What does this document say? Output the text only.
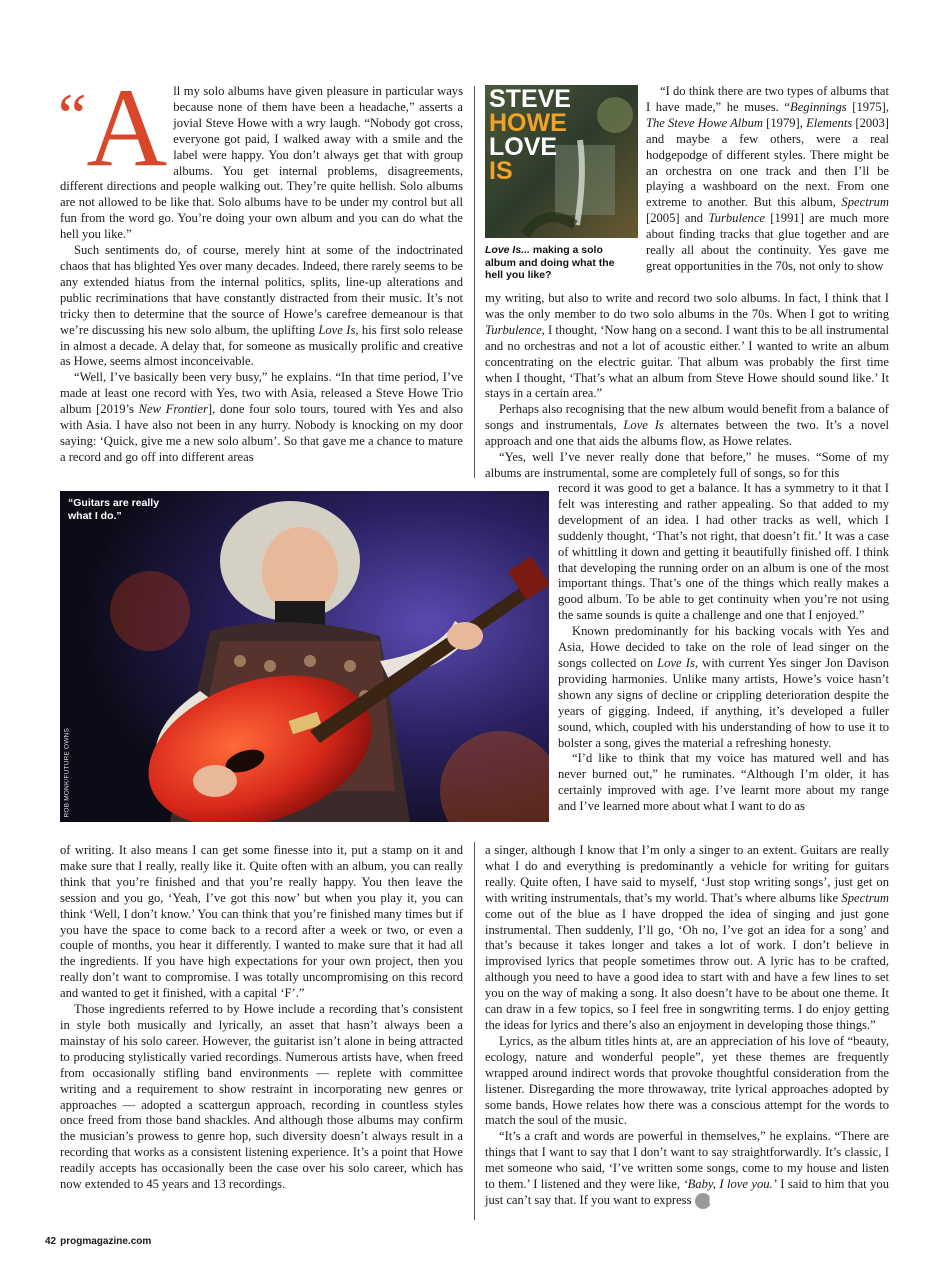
“A ll my solo albums have given pleasure in particular ways because none of them have been a headache,” asserts a jovial Steve Howe with a wry laugh. “Nobody got cross, everyone got paid, I walked away with a smile and the label were happy. You don’t always get that with group albums. You get internal problems, disagreements, different directions and people walking out. They’re quite hellish. Solo albums are not allowed to be like that. Solo albums have to be under my control but all fun from the word go. You’re doing your own album and you can do what the hell you like.”

Such sentiments do, of course, merely hint at some of the indoctrinated chaos that has blighted Yes over many decades. Indeed, there rarely seems to be any extended hiatus from the internal politics, splits, line-up alterations and public recriminations that have constantly distracted from their music. It’s not tricky then to determine that the source of Howe’s carefree demeanour is that we’re discussing his new solo album, the uplifting Love Is, his first solo release in almost a decade. A delay that, for someone as musically prolific and creative as Howe, seems almost inconceivable.

“Well, I’ve basically been very busy,” he explains. “In that time period, I’ve made at least one record with Yes, two with Asia, released a Steve Howe Trio album [2019’s New Frontier], done four solo tours, toured with Yes and also with Asia. I have also not been in any hurry. Nobody is knocking on my door saying: ‘Quick, give me a new solo album’. So that gave me a chance to mature a record and go off into different areas

STEVE
HOWE
LOVE
IS
Love Is... making a solo album and doing what the hell you like?

“I do think there are two types of albums that I have made,” he muses. “Beginnings [1975], The Steve Howe Album [1979], Elements [2003] and maybe a few others, were a real hodgepodge of different styles. There might be an orchestra on one track and then I’ll be playing a washboard on the next. From one extreme to another. But this album, Spectrum [2005] and Turbulence [1991] are much more about finding tracks that glue together and are really all about the continuity. Yes gave me great opportunities in the 70s, not only to show

my writing, but also to write and record two solo albums. In fact, I think that I was the only member to do two solo albums in the 70s. When I got to writing Turbulence, I thought, ‘Now hang on a second. I want this to be all instrumental and no orchestras and not a lot of acoustic either.’ I wanted to write an album concentrating on the electric guitar. That album was probably the first time when I thought, ‘That’s what an album from Steve Howe should sound like.’ It stays in a certain area.”

Perhaps also recognising that the new album would benefit from a balance of songs and instrumentals, Love Is alternates between the two. It’s a novel approach and one that aids the albums flow, as Howe relates.

“Yes, well I’ve never really done that before,” he muses. “Some of my albums are instrumental, some are completely full of songs, so for this

“Guitars are really what I do.”
ROB MONK/FUTURE OWNS

record it was good to get a balance. It has a symmetry to it that I felt was interesting and rather appealing. So that added to my development of an idea. I had other tracks as well, which I suddenly thought, ‘That’s not right, that doesn’t fit.’ It was a case of whittling it down and getting it beautifully finished off. I think that developing the running order on an album is one of the most important things. That’s one of the things which really makes a good album. To be able to get continuity when you’re not using the same sounds is quite a challenge and one that I enjoyed.”

Known predominantly for his backing vocals with Yes and Asia, Howe decided to take on the role of lead singer on the songs collected on Love Is, with current Yes singer Jon Davison providing harmonies. Unlike many artists, Howe’s voice hasn’t shown any signs of decline or crippling deterioration despite the years of gigging. Indeed, if anything, it’s developed a fuller sound, which, coupled with his understanding of how to use it to bolster a song, gives the material a refreshing honesty.

“I’d like to think that my voice has matured well and has never burned out,” he ruminates. “Although I’m older, it has certainly improved with age. I’ve learnt more about my range and I’ve learned more about what I want to do as

of writing. It also means I can get some finesse into it, put a stamp on it and make sure that I really, really like it. Quite often with an album, you can really think that you’re finished and that you’re really happy. You then leave the session and you go, ‘Yeah, I’ve got this now’ but when you play it, you can think ‘Well, I don’t know.’ You can think that you’re finished many times but if you have the space to come back to a record after a week or two, or even a couple of months, you hear it differently. I wanted to make sure that it had all the ingredients. If you have high expectations for your own project, then you really don’t want to compromise. I was totally uncompromising on this record and wanted to get it finished, with a capital ‘F’.”

Those ingredients referred to by Howe include a recording that’s consistent in style both musically and lyrically, an asset that hasn’t always been a mainstay of his solo career. However, the guitarist isn’t alone in being attracted to producing stylistically varied recordings. Numerous artists have, when freed from occasionally stifling band environments — replete with committee writing and a requirement to show restraint in incorporating new genres or approaches — adopted a scattergun approach, recording in countless styles once freed from those band shackles. And although those albums may confirm the musician’s prowess to genre hop, such diversity doesn’t always result in a recording that works as a consistent listening experience. It’s a point that Howe readily accepts has occasionally been the case over his solo career, which has now extended to 45 years and 13 recordings.

a singer, although I know that I’m only a singer to an extent. Guitars are really what I do and everything is predominantly a vehicle for writing for guitars really. Quite often, I have said to myself, ‘Just stop writing songs’, just get on with writing instrumentals, that’s my world. That’s where albums like Spectrum come out of the blue as I have dropped the idea of singing and just gone instrumental. Then suddenly, I’ll go, ‘Oh no, I’ve got an idea for a song’ and that’s because it takes longer and takes a lot of work. I don’t believe in improvised lyrics that people sometimes throw out. A lyric has to be crafted, although you need to have a good idea to start with and have a few lines to set you on the way of making a song. It also doesn’t have to be about one theme. It can draw in a few topics, so I feel free in songwriting terms. I do enjoy getting the ideas for lyrics and there’s also an enjoyment in developing those things.”

Lyrics, as the album titles hints at, are an appreciation of his love of “beauty, ecology, nature and wonderful people”, yet these themes are frequently wrapped around indirect words that provoke thoughtful consideration from the listener. Disregarding the more throwaway, trite lyrical approaches adopted by some bands, Howe relates how there was a conscious attempt for the words to match the soul of the music.

“It’s a craft and words are powerful in themselves,” he explains. “There are things that I want to say that I don’t want to say straightforwardly. It’s classic, I met someone who said, ‘I’ve written some songs, come to my house and listen to them.’ I listened and they were like, ‘Baby, I love you.’ I said to him that you just can’t say that. If you want to express ▶

42 progmagazine.com
